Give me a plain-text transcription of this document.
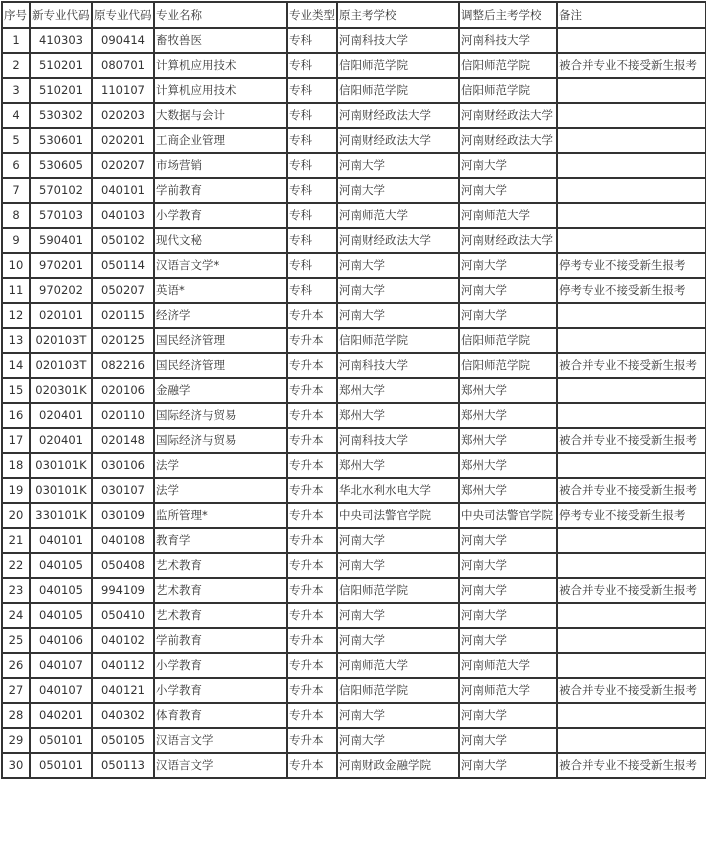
序号	新专业代码	原专业代码	专业名称	专业类型	原主考学校	调整后主考学校	备注
1	410303	090414	畜牧兽医	专科	河南科技大学	河南科技大学	
2	510201	080701	计算机应用技术	专科	信阳师范学院	信阳师范学院	被合并专业不接受新生报考
3	510201	110107	计算机应用技术	专科	信阳师范学院	信阳师范学院	
4	530302	020203	大数据与会计	专科	河南财经政法大学	河南财经政法大学	
5	530601	020201	工商企业管理	专科	河南财经政法大学	河南财经政法大学	
6	530605	020207	市场营销	专科	河南大学	河南大学	
7	570102	040101	学前教育	专科	河南大学	河南大学	
8	570103	040103	小学教育	专科	河南师范大学	河南师范大学	
9	590401	050102	现代文秘	专科	河南财经政法大学	河南财经政法大学	
10	970201	050114	汉语言文学*	专科	河南大学	河南大学	停考专业不接受新生报考
11	970202	050207	英语*	专科	河南大学	河南大学	停考专业不接受新生报考
12	020101	020115	经济学	专升本	河南大学	河南大学	
13	020103T	020125	国民经济管理	专升本	信阳师范学院	信阳师范学院	
14	020103T	082216	国民经济管理	专升本	河南科技大学	信阳师范学院	被合并专业不接受新生报考
15	020301K	020106	金融学	专升本	郑州大学	郑州大学	
16	020401	020110	国际经济与贸易	专升本	郑州大学	郑州大学	
17	020401	020148	国际经济与贸易	专升本	河南科技大学	郑州大学	被合并专业不接受新生报考
18	030101K	030106	法学	专升本	郑州大学	郑州大学	
19	030101K	030107	法学	专升本	华北水利水电大学	郑州大学	被合并专业不接受新生报考
20	330101K	030109	监所管理*	专升本	中央司法警官学院	中央司法警官学院	停考专业不接受新生报考
21	040101	040108	教育学	专升本	河南大学	河南大学	
22	040105	050408	艺术教育	专升本	河南大学	河南大学	
23	040105	994109	艺术教育	专升本	信阳师范学院	河南大学	被合并专业不接受新生报考
24	040105	050410	艺术教育	专升本	河南大学	河南大学	
25	040106	040102	学前教育	专升本	河南大学	河南大学	
26	040107	040112	小学教育	专升本	河南师范大学	河南师范大学	
27	040107	040121	小学教育	专升本	信阳师范学院	河南师范大学	被合并专业不接受新生报考
28	040201	040302	体育教育	专升本	河南大学	河南大学	
29	050101	050105	汉语言文学	专升本	河南大学	河南大学	
30	050101	050113	汉语言文学	专升本	河南财政金融学院	河南大学	被合并专业不接受新生报考
